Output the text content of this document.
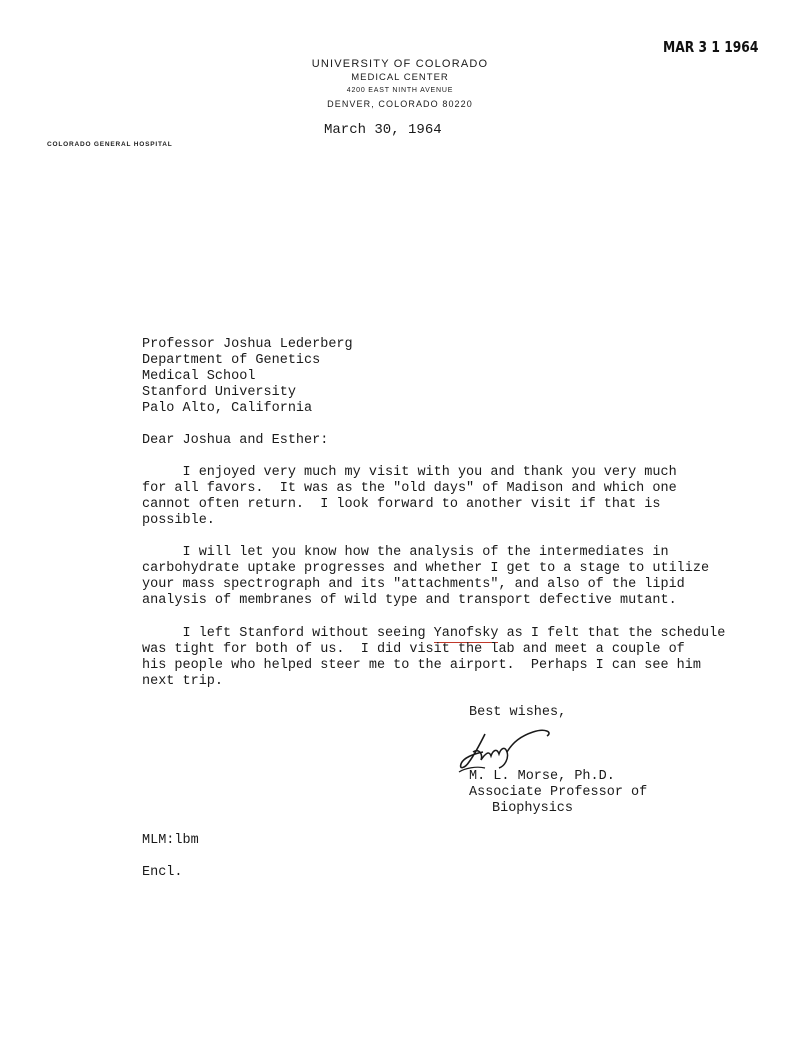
MAR 3 1 1964
UNIVERSITY OF COLORADO
MEDICAL CENTER
4200 EAST NINTH AVENUE
DENVER, COLORADO 80220
COLORADO GENERAL HOSPITAL
March 30, 1964
Professor Joshua Lederberg
Department of Genetics
Medical School
Stanford University
Palo Alto, California
Dear Joshua and Esther:
I enjoyed very much my visit with you and thank you very much
for all favors.  It was as the "old days" of Madison and which one
cannot often return.  I look forward to another visit if that is
possible.
I will let you know how the analysis of the intermediates in
carbohydrate uptake progresses and whether I get to a stage to utilize
your mass spectrograph and its "attachments", and also of the lipid
analysis of membranes of wild type and transport defective mutant.
I left Stanford without seeing Yanofsky as I felt that the schedule
was tight for both of us.  I did visit the lab and meet a couple of
his people who helped steer me to the airport.  Perhaps I can see him
next trip.
Best wishes,
M. L. Morse, Ph.D.
Associate Professor of
Biophysics
MLM:lbm
Encl.
